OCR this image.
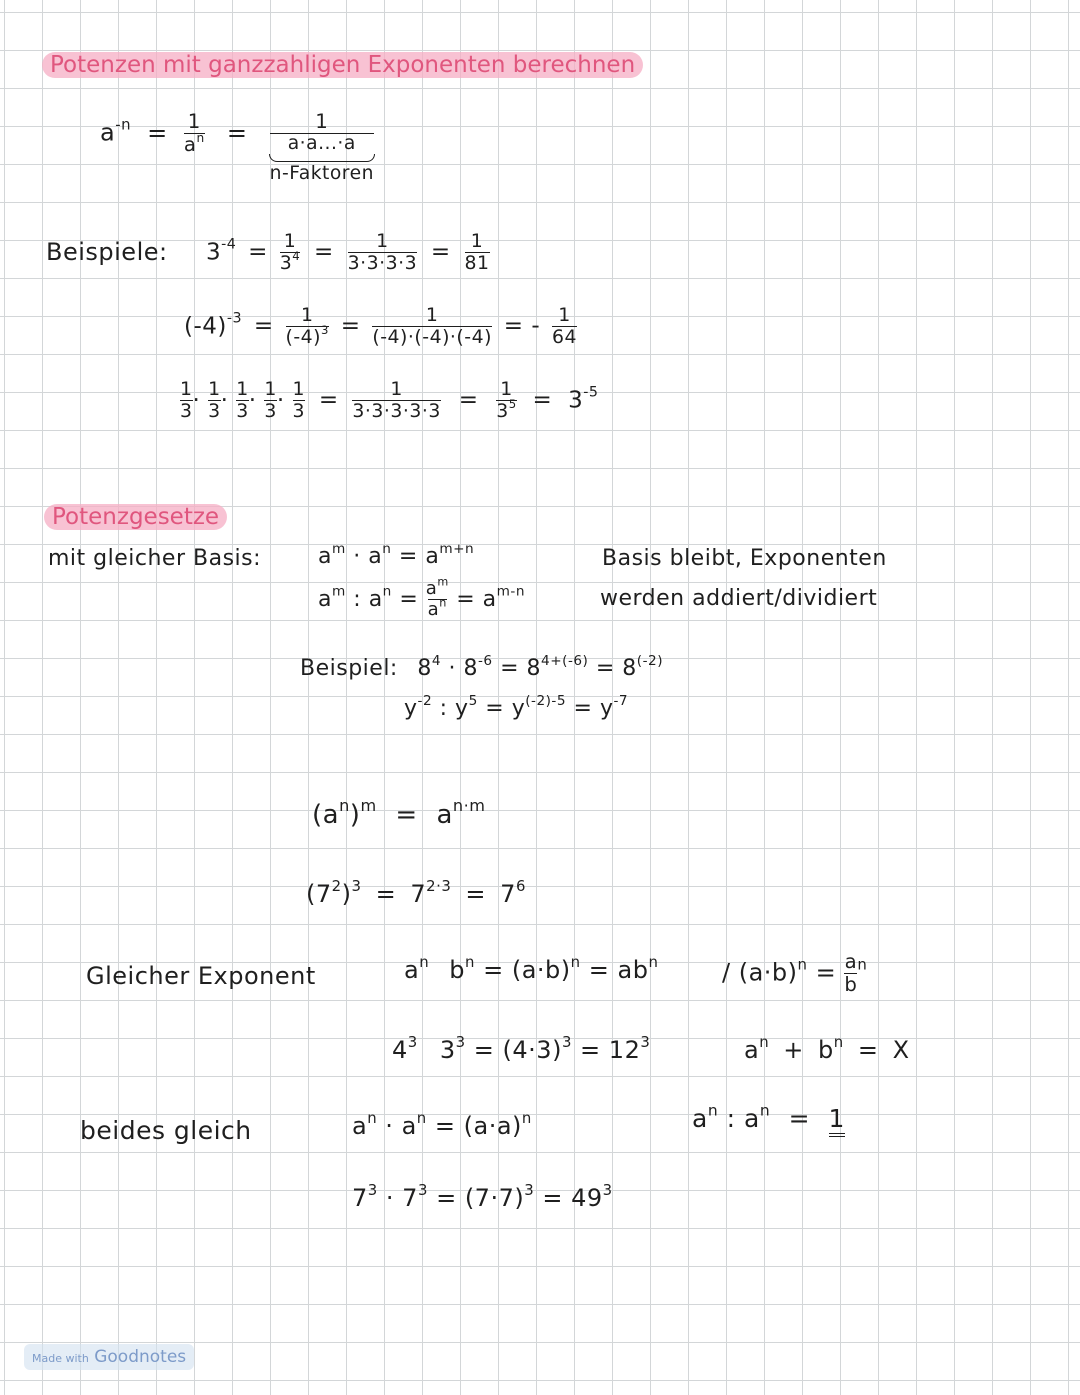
Potenzen mit ganzzahligen Exponenten berechnen
$a^{-n} = \frac{1}{a^n} = 1$
a·a...·a
n-Faktoren
Beispiele: $3^{-4} = \frac{1}{3^4} = \frac{1}{3\cdot 3\cdot 3\cdot 3} = \frac{1}{81}$
$(-4)^{-3} = \frac{1}{(-4)^3} = \frac{1}{(-4)\cdot(-4)\cdot(-4)}$ = - $\frac{1}{64}$
$\frac{1}{3} \cdot \frac{1}{3} \cdot \frac{1}{3} \cdot \frac{1}{3} \cdot \frac{1}{3} = \frac{1}{3\cdot 3\cdot 3\cdot 3\cdot 3} = \frac{1}{3^5} = 3^{-5}$
Potenzgesetze
mit gleicher Basis:	$a^m \cdot a^n = a^{m+n}$
$a^m$ : $a^n = \frac{a^m}{a^n} = a^{m-n}$
Basis bleibt, Exponenten
werden addiert/dividiert
Beispiel: $8^4 \cdot 8^{-6} = 8^{4+(-6)} = 8^{(-2)}$
$y^{-2}$ : $y^5 = y^{(-2)-5} = y^{-7}$
$(a^n)^m = a^{n\cdot m}$
$(7^2)^3 = 7^{2\cdot 3} = 7^6$
Gleicher Exponent	$a^n$ $b^n = (a\cdot b)^n = ab^n$	/ $(a\cdot b)^n = \frac{a}{b} ^n$
$4^3$ $3^3 = (4\cdot 3)^3 = 12^3$	$a^n + b^n = X$
beides gleich	$a^n \cdot a^n = (a\cdot a)^n$	$a^n$ : $a^n = 1$
$7^3 \cdot 7^3 = (7\cdot 7)^3 = 49^3$
Made with Goodnotes
